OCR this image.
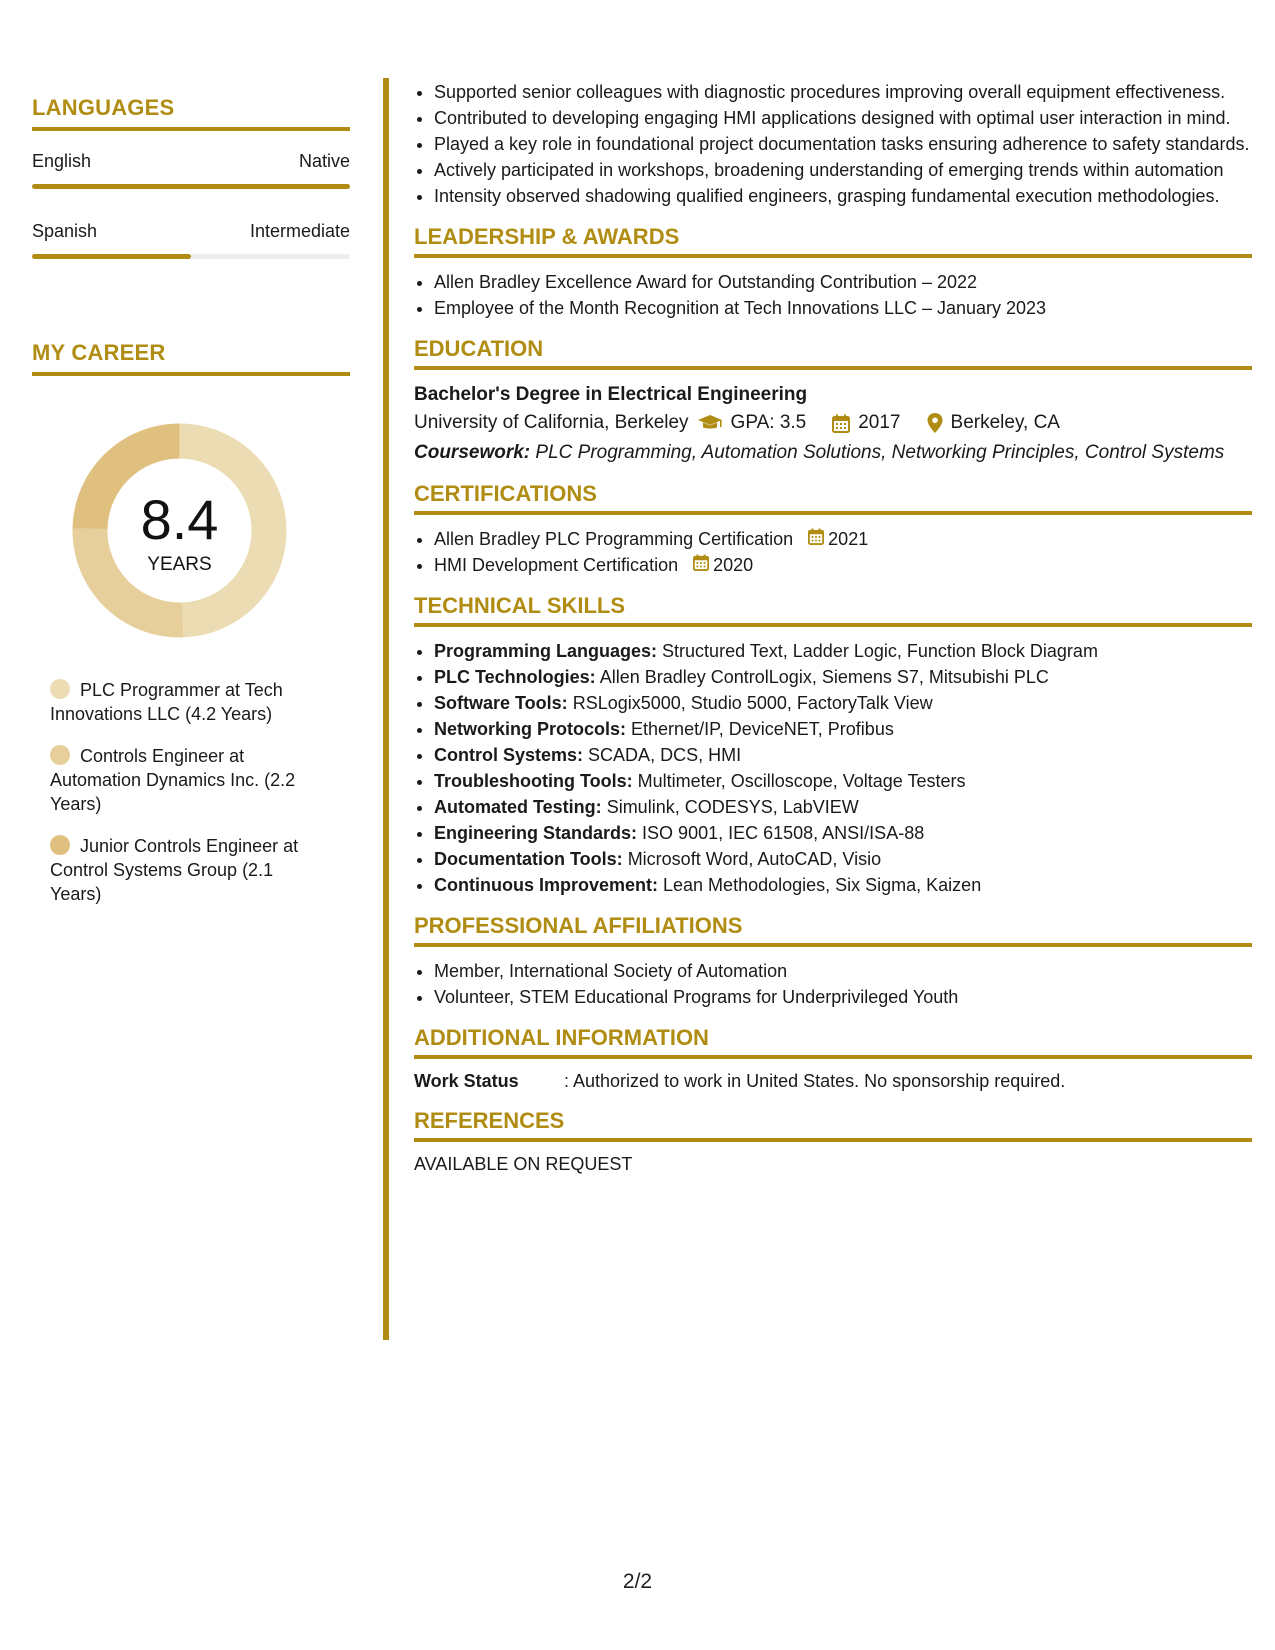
LANGUAGES
English	Native
Spanish	Intermediate
MY CAREER
8.4
YEARS
PLC Programmer at Tech Innovations LLC (4.2 Years)
Controls Engineer at Automation Dynamics Inc. (2.2 Years)
Junior Controls Engineer at Control Systems Group (2.1 Years)
• Supported senior colleagues with diagnostic procedures improving overall equipment effectiveness.
• Contributed to developing engaging HMI applications designed with optimal user interaction in mind.
• Played a key role in foundational project documentation tasks ensuring adherence to safety standards.
• Actively participated in workshops, broadening understanding of emerging trends within automation
• Intensity observed shadowing qualified engineers, grasping fundamental execution methodologies.
LEADERSHIP & AWARDS
• Allen Bradley Excellence Award for Outstanding Contribution – 2022
• Employee of the Month Recognition at Tech Innovations LLC – January 2023
EDUCATION
Bachelor's Degree in Electrical Engineering
University of California, Berkeley GPA: 3.5	2017	Berkeley, CA
Coursework: PLC Programming, Automation Solutions, Networking Principles, Control Systems
CERTIFICATIONS
• Allen Bradley PLC Programming Certification 2021
• HMI Development Certification 2020
TECHNICAL SKILLS
• Programming Languages: Structured Text, Ladder Logic, Function Block Diagram
• PLC Technologies: Allen Bradley ControlLogix, Siemens S7, Mitsubishi PLC
• Software Tools: RSLogix5000, Studio 5000, FactoryTalk View
• Networking Protocols: Ethernet/IP, DeviceNET, Profibus
• Control Systems: SCADA, DCS, HMI
• Troubleshooting Tools: Multimeter, Oscilloscope, Voltage Testers
• Automated Testing: Simulink, CODESYS, LabVIEW
• Engineering Standards: ISO 9001, IEC 61508, ANSI/ISA-88
• Documentation Tools: Microsoft Word, AutoCAD, Visio
• Continuous Improvement: Lean Methodologies, Six Sigma, Kaizen
PROFESSIONAL AFFILIATIONS
• Member, International Society of Automation
• Volunteer, STEM Educational Programs for Underprivileged Youth
ADDITIONAL INFORMATION
Work Status	: Authorized to work in United States. No sponsorship required.
REFERENCES
AVAILABLE ON REQUEST
2/2
